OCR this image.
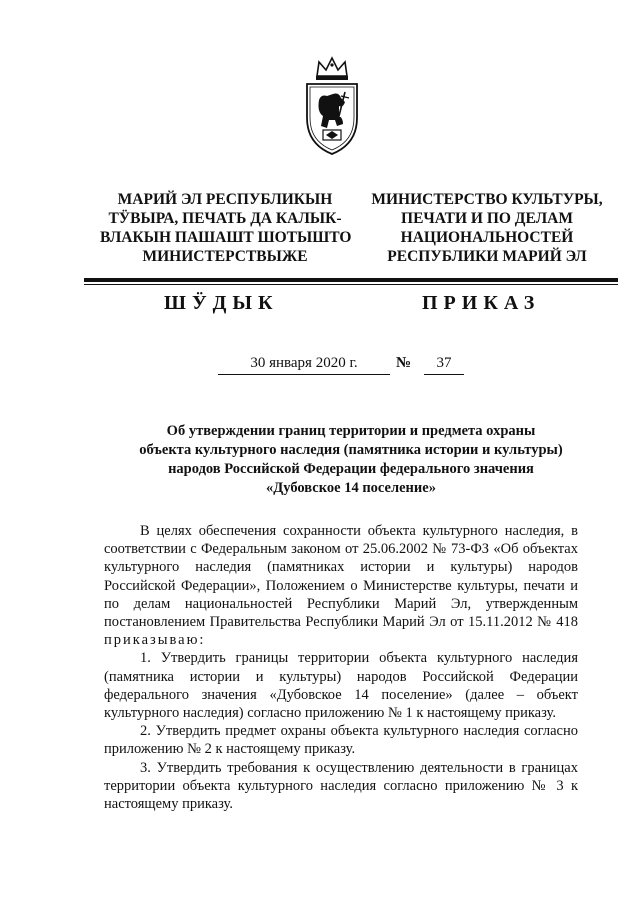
МАРИЙ ЭЛ РЕСПУБЛИКЫН
ТӰВЫРА, ПЕЧАТЬ ДА КАЛЫК-
ВЛАКЫН ПАШАШТ ШОТЫШТО
МИНИСТЕРСТВЫЖЕ
МИНИСТЕРСТВО КУЛЬТУРЫ,
ПЕЧАТИ И ПО ДЕЛАМ
НАЦИОНАЛЬНОСТЕЙ
РЕСПУБЛИКИ МАРИЙ ЭЛ
ШӰДЫК	ПРИКАЗ
30 января 2020 г.	№	37
Об утверждении границ территории и предмета охраны
объекта культурного наследия (памятника истории и культуры)
народов Российской Федерации федерального значения
«Дубовское 14 поселение»

В целях обеспечения сохранности объекта культурного наследия, в соответствии с Федеральным законом от 25.06.2002 № 73-ФЗ «Об объектах культурного наследия (памятниках истории и культуры) народов Российской Федерации», Положением о Министерстве культуры, печати и по делам национальностей Республики Марий Эл, утвержденным постановлением Правительства Республики Марий Эл от 15.11.2012 № 418 приказываю:

1. Утвердить границы территории объекта культурного наследия (памятника истории и культуры) народов Российской Федерации федерального значения «Дубовское 14 поселение» (далее – объект культурного наследия) согласно приложению № 1 к настоящему приказу.

2. Утвердить предмет охраны объекта культурного наследия согласно приложению № 2 к настоящему приказу.

3. Утвердить требования к осуществлению деятельности в границах территории объекта культурного наследия согласно приложению № 3 к настоящему приказу.
